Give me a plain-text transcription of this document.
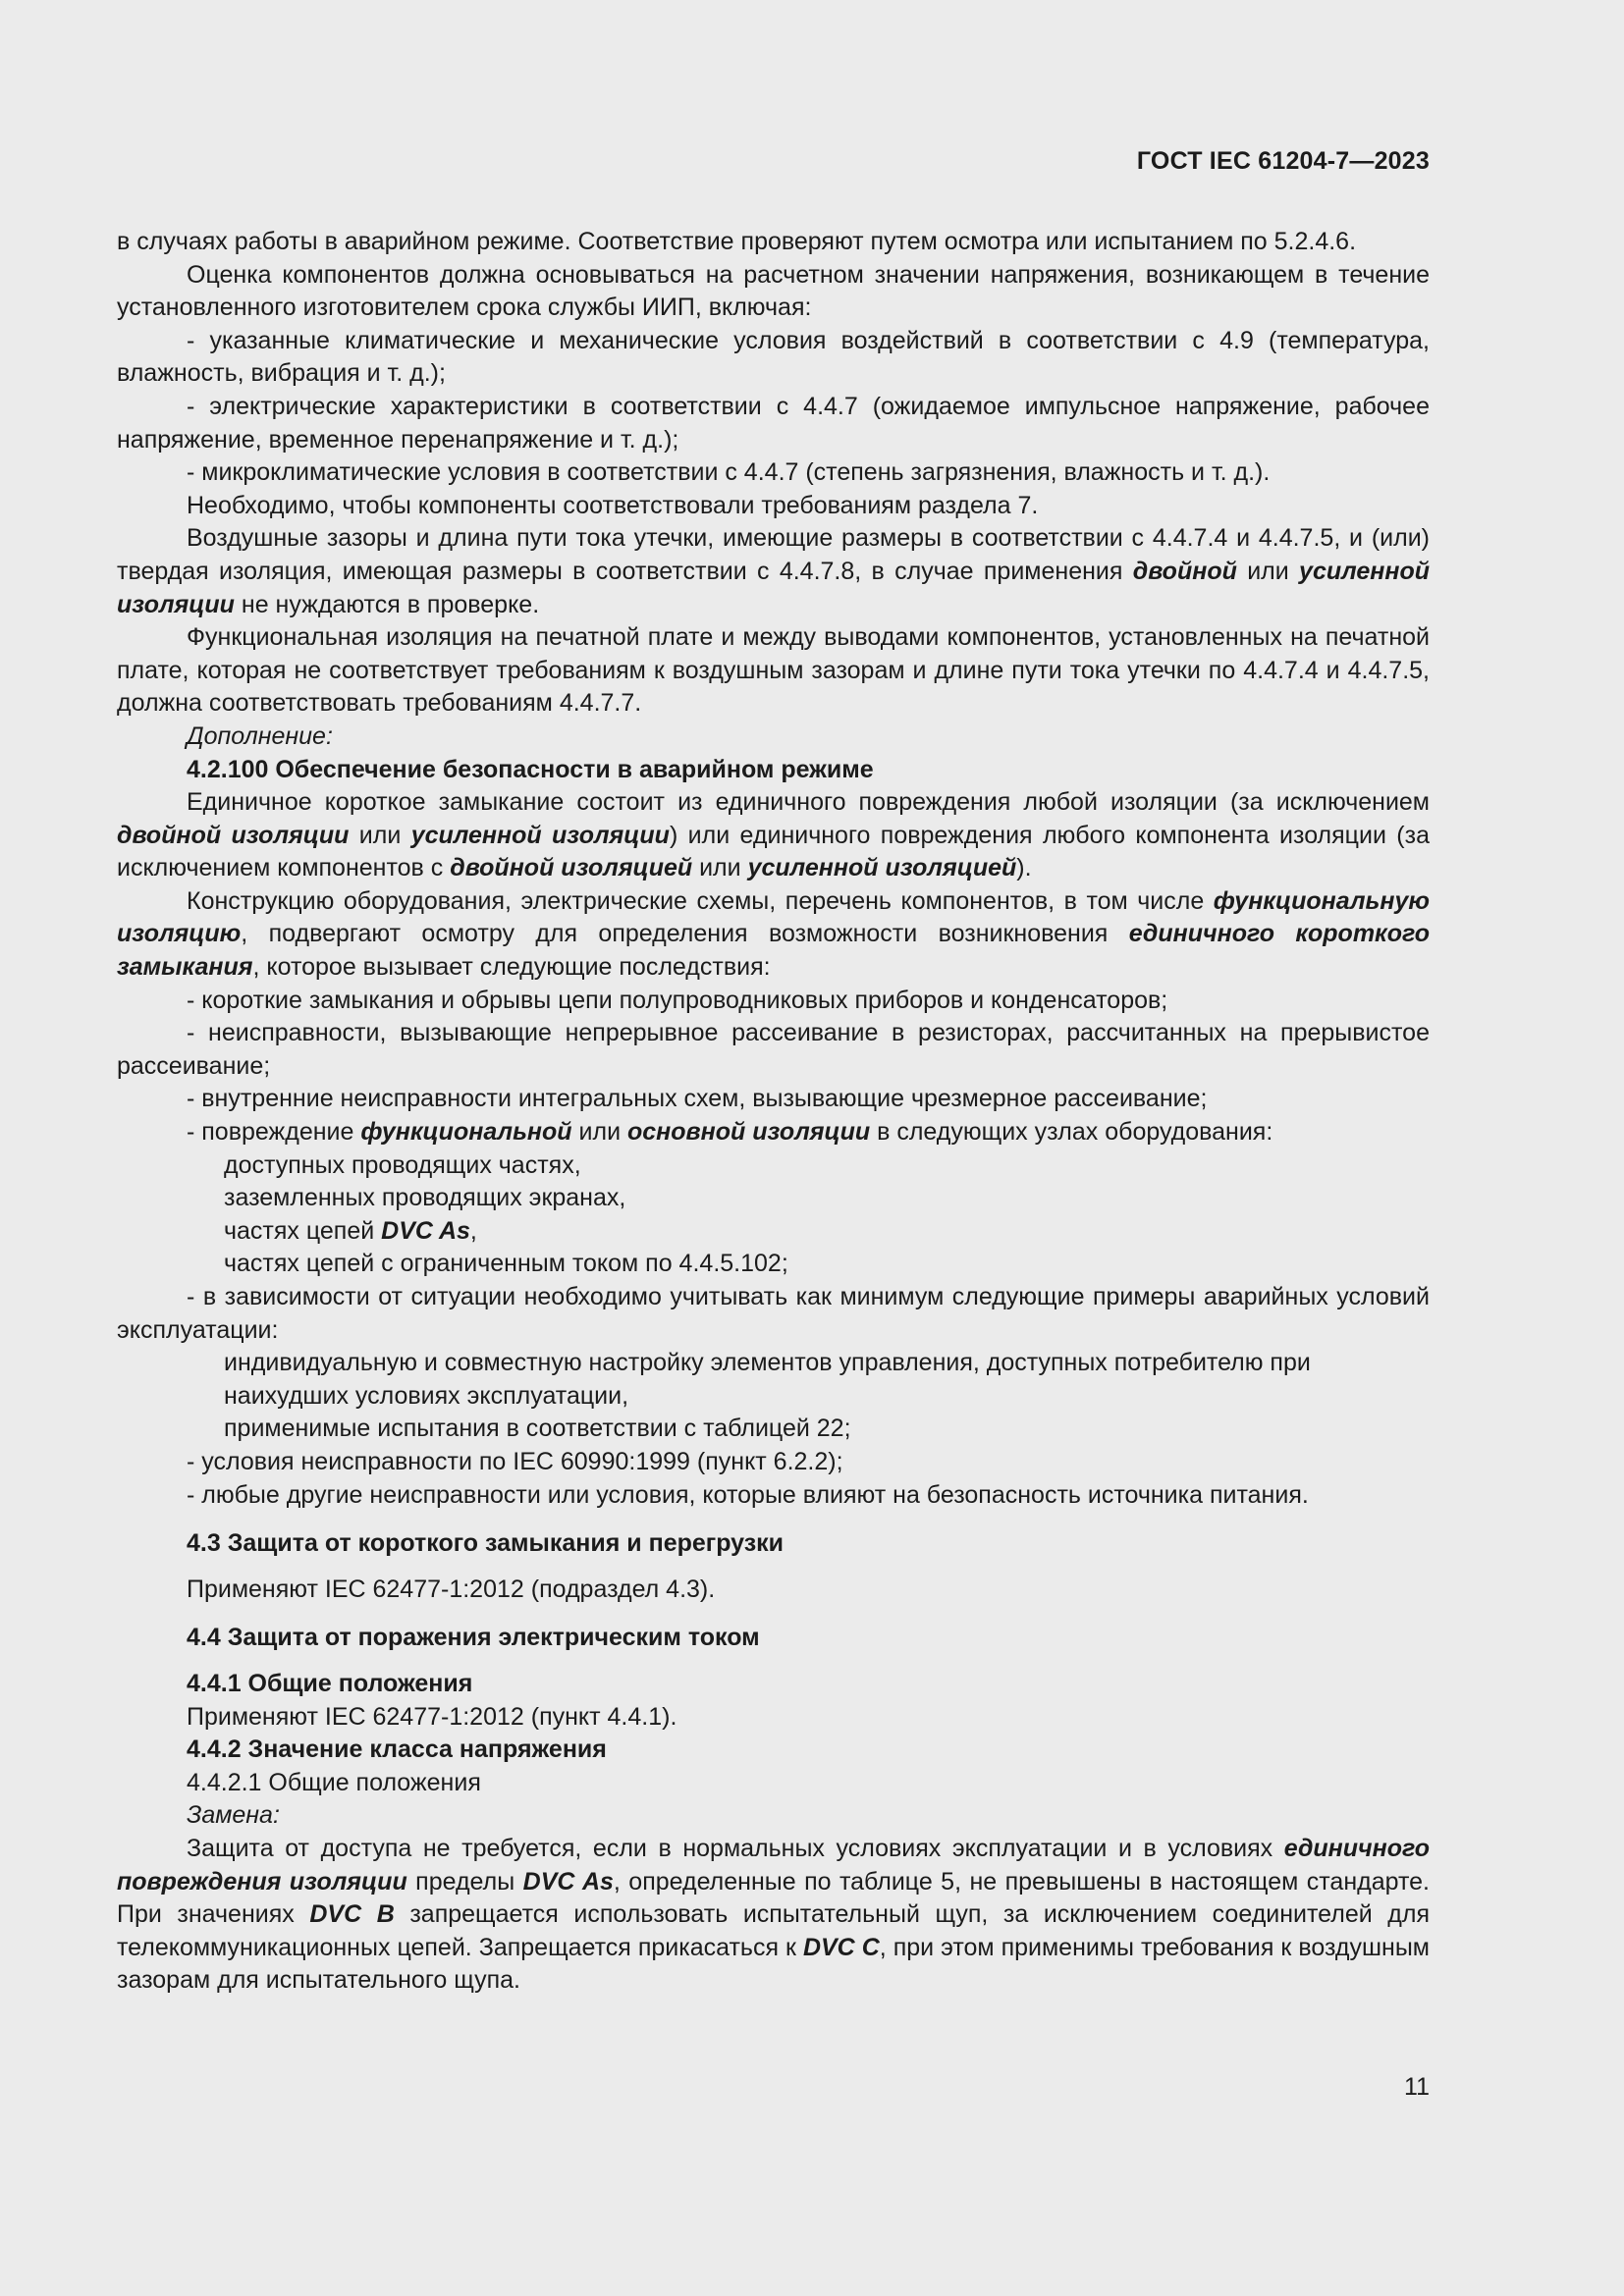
ГОСТ IEC 61204-7—2023

в случаях работы в аварийном режиме. Соответствие проверяют путем осмотра или испытанием по 5.2.4.6.

Оценка компонентов должна основываться на расчетном значении напряжения, возникающем в течение установленного изготовителем срока службы ИИП, включая:

- указанные климатические и механические условия воздействий в соответствии с 4.9 (температура, влажность, вибрация и т. д.);

- электрические характеристики в соответствии с 4.4.7 (ожидаемое импульсное напряжение, рабочее напряжение, временное перенапряжение и т. д.);

- микроклиматические условия в соответствии с 4.4.7 (степень загрязнения, влажность и т. д.).

Необходимо, чтобы компоненты соответствовали требованиям раздела 7.

Воздушные зазоры и длина пути тока утечки, имеющие размеры в соответствии с 4.4.7.4 и 4.4.7.5, и (или) твердая изоляция, имеющая размеры в соответствии с 4.4.7.8, в случае применения двойной или усиленной изоляции не нуждаются в проверке.

Функциональная изоляция на печатной плате и между выводами компонентов, установленных на печатной плате, которая не соответствует требованиям к воздушным зазорам и длине пути тока утечки по 4.4.7.4 и 4.4.7.5, должна соответствовать требованиям 4.4.7.7.

Дополнение:

4.2.100 Обеспечение безопасности в аварийном режиме

Единичное короткое замыкание состоит из единичного повреждения любой изоляции (за исключением двойной изоляции или усиленной изоляции) или единичного повреждения любого компонента изоляции (за исключением компонентов с двойной изоляцией или усиленной изоляцией).

Конструкцию оборудования, электрические схемы, перечень компонентов, в том числе функциональную изоляцию, подвергают осмотру для определения возможности возникновения единичного короткого замыкания, которое вызывает следующие последствия:

- короткие замыкания и обрывы цепи полупроводниковых приборов и конденсаторов;

- неисправности, вызывающие непрерывное рассеивание в резисторах, рассчитанных на прерывистое рассеивание;

- внутренние неисправности интегральных схем, вызывающие чрезмерное рассеивание;

- повреждение функциональной или основной изоляции в следующих узлах оборудования:

доступных проводящих частях,

заземленных проводящих экранах,

частях цепей DVC As,

частях цепей с ограниченным током по 4.4.5.102;

- в зависимости от ситуации необходимо учитывать как минимум следующие примеры аварийных условий эксплуатации:

индивидуальную и совместную настройку элементов управления, доступных потребителю при наихудших условиях эксплуатации,

применимые испытания в соответствии с таблицей 22;

- условия неисправности по IEC 60990:1999 (пункт 6.2.2);

- любые другие неисправности или условия, которые влияют на безопасность источника питания.

4.3 Защита от короткого замыкания и перегрузки

Применяют IEC 62477-1:2012 (подраздел 4.3).

4.4 Защита от поражения электрическим током

4.4.1 Общие положения

Применяют IEC 62477-1:2012 (пункт 4.4.1).

4.4.2 Значение класса напряжения

4.4.2.1 Общие положения

Замена:

Защита от доступа не требуется, если в нормальных условиях эксплуатации и в условиях единичного повреждения изоляции пределы DVC As, определенные по таблице 5, не превышены в настоящем стандарте. При значениях DVC B запрещается использовать испытательный щуп, за исключением соединителей для телекоммуникационных цепей. Запрещается прикасаться к DVC C, при этом применимы требования к воздушным зазорам для испытательного щупа.

11
